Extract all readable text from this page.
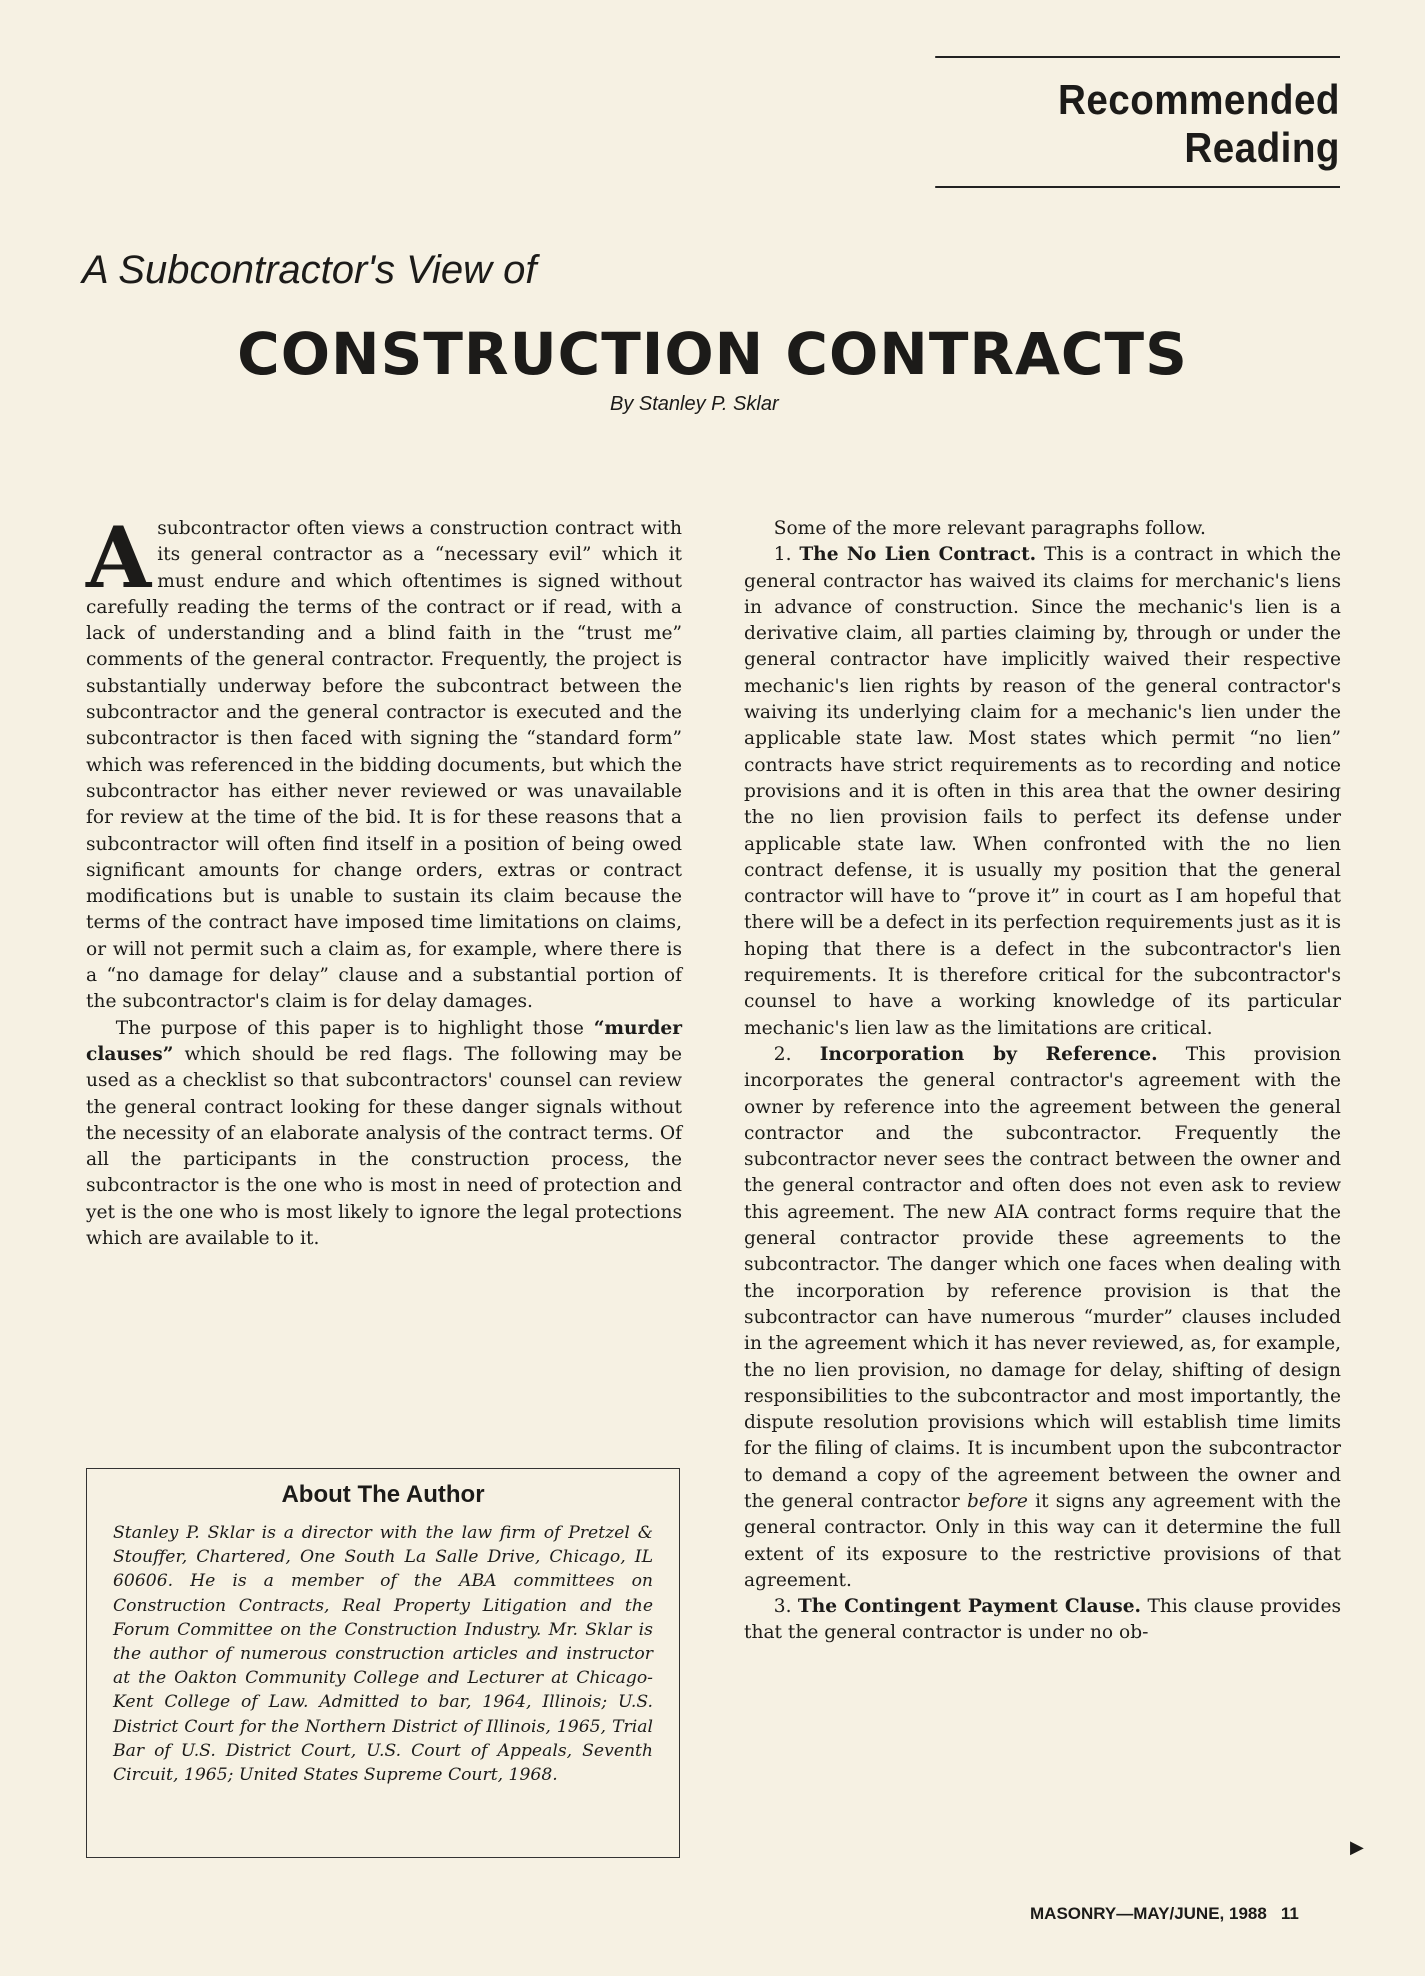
Recommended Reading
A Subcontractor's View of
CONSTRUCTION CONTRACTS
By Stanley P. Sklar

Asubcontractor often views a construction contract with its general contractor as a “necessary evil” which it must endure and which oftentimes is signed without carefully reading the terms of the contract or if read, with a lack of understanding and a blind faith in the “trust me” comments of the general contractor. Frequently, the project is substantially underway before the subcontract between the subcontractor and the general contractor is executed and the subcontractor is then faced with signing the “standard form” which was referenced in the bidding documents, but which the subcontractor has either never reviewed or was unavailable for review at the time of the bid. It is for these reasons that a subcontractor will often find itself in a position of being owed significant amounts for change orders, extras or contract modifications but is unable to sustain its claim because the terms of the contract have imposed time limitations on claims, or will not permit such a claim as, for example, where there is a “no damage for delay” clause and a substantial portion of the subcontractor's claim is for delay damages.

The purpose of this paper is to highlight those “murder clauses” which should be red flags. The following may be used as a checklist so that subcontractors' counsel can review the general contract looking for these danger signals without the necessity of an elaborate analysis of the contract terms. Of all the participants in the construction process, the subcontractor is the one who is most in need of protection and yet is the one who is most likely to ignore the legal protections which are available to it.

About The Author

Stanley P. Sklar is a director with the law firm of Pretzel & Stouffer, Chartered, One South La Salle Drive, Chicago, IL 60606. He is a member of the ABA committees on Construction Contracts, Real Property Litigation and the Forum Committee on the Construction Industry. Mr. Sklar is the author of numerous construction articles and instructor at the Oakton Community College and Lecturer at Chicago-Kent College of Law. Admitted to bar, 1964, Illinois; U.S. District Court for the Northern District of Illinois, 1965, Trial Bar of U.S. District Court, U.S. Court of Appeals, Seventh Circuit, 1965; United States Supreme Court, 1968.

Some of the more relevant paragraphs follow.

1. The No Lien Contract. This is a contract in which the general contractor has waived its claims for merchanic's liens in advance of construction. Since the mechanic's lien is a derivative claim, all parties claiming by, through or under the general contractor have implicitly waived their respective mechanic's lien rights by reason of the general contractor's waiving its underlying claim for a mechanic's lien under the applicable state law. Most states which permit “no lien” contracts have strict requirements as to recording and notice provisions and it is often in this area that the owner desiring the no lien provision fails to perfect its defense under applicable state law. When confronted with the no lien contract defense, it is usually my position that the general contractor will have to “prove it” in court as I am hopeful that there will be a defect in its perfection requirements just as it is hoping that there is a defect in the subcontractor's lien requirements. It is therefore critical for the subcontractor's counsel to have a working knowledge of its particular mechanic's lien law as the limitations are critical.

2. Incorporation by Reference. This provision incorporates the general contractor's agreement with the owner by reference into the agreement between the general contractor and the subcontractor. Frequently the subcontractor never sees the contract between the owner and the general contractor and often does not even ask to review this agreement. The new AIA contract forms require that the general contractor provide these agreements to the subcontractor. The danger which one faces when dealing with the incorporation by reference provision is that the subcontractor can have numerous “murder” clauses included in the agreement which it has never reviewed, as, for example, the no lien provision, no damage for delay, shifting of design responsibilities to the subcontractor and most importantly, the dispute resolution provisions which will establish time limits for the filing of claims. It is incumbent upon the subcontractor to demand a copy of the agreement between the owner and the general contractor before it signs any agreement with the general contractor. Only in this way can it determine the full extent of its exposure to the restrictive provisions of that agreement.

3. The Contingent Payment Clause. This clause provides that the general contractor is under no ob-

▶
MASONRY—MAY/JUNE, 1988 11
